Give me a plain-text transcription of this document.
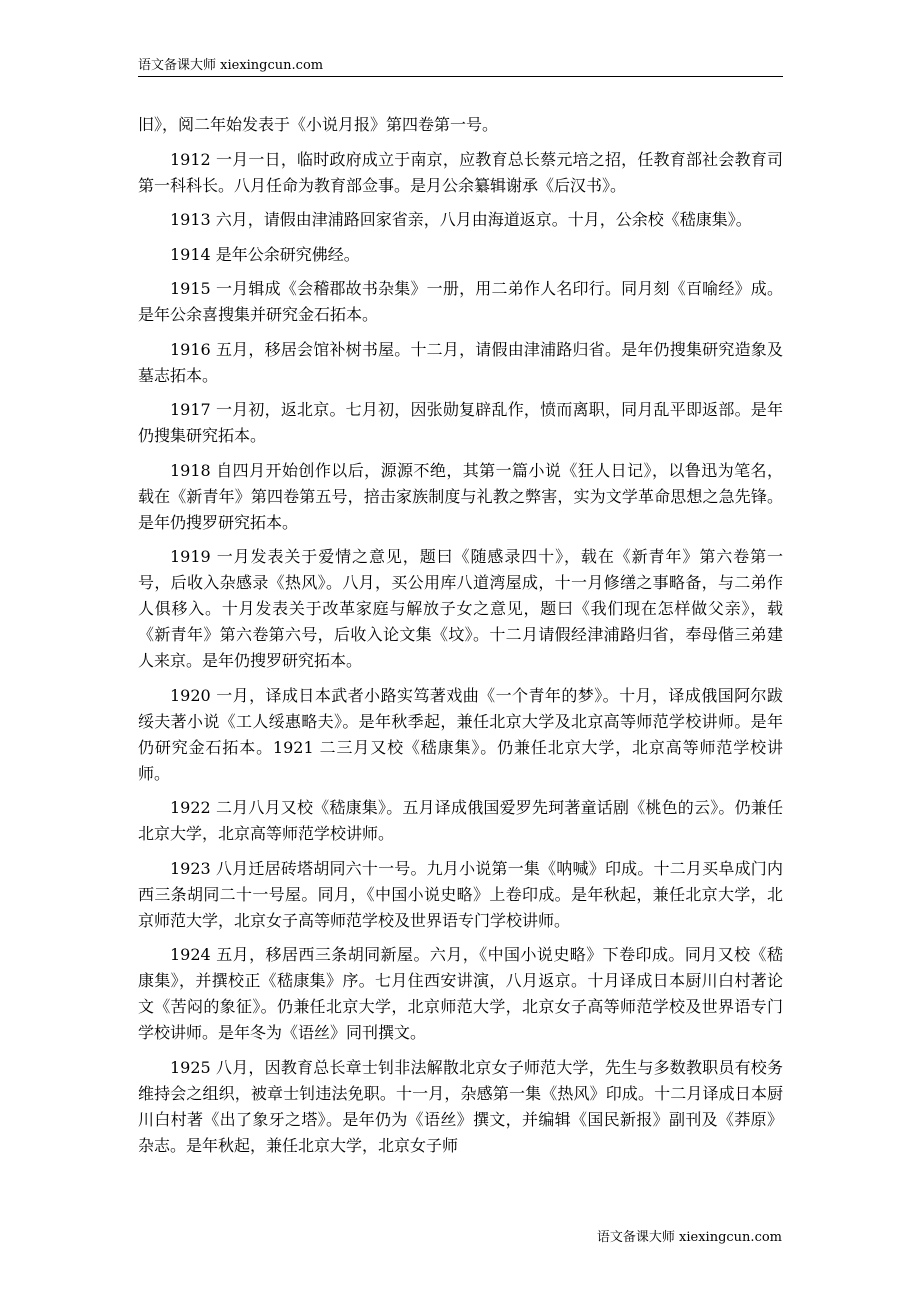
语文备课大师 xiexingcun.com

旧》，阅二年始发表于《小说月报》第四卷第一号。

1912 一月一日，临时政府成立于南京，应教育总长蔡元培之招，任教育部社会教育司第一科科长。八月任命为教育部佥事。是月公余纂辑谢承《后汉书》。

1913 六月，请假由津浦路回家省亲，八月由海道返京。十月，公余校《嵇康集》。

1914 是年公余研究佛经。

1915 一月辑成《会稽郡故书杂集》一册，用二弟作人名印行。同月刻《百喻经》成。是年公余喜搜集并研究金石拓本。

1916 五月，移居会馆补树书屋。十二月，请假由津浦路归省。是年仍搜集研究造象及墓志拓本。

1917 一月初，返北京。七月初，因张勋复辟乱作，愤而离职，同月乱平即返部。是年仍搜集研究拓本。

1918 自四月开始创作以后，源源不绝，其第一篇小说《狂人日记》，以鲁迅为笔名，载在《新青年》第四卷第五号，掊击家族制度与礼教之弊害，实为文学革命思想之急先锋。是年仍搜罗研究拓本。

1919 一月发表关于爱情之意见，题曰《随感录四十》，载在《新青年》第六卷第一号，后收入杂感录《热风》。八月，买公用库八道湾屋成，十一月修缮之事略备，与二弟作人俱移入。十月发表关于改革家庭与解放子女之意见，题曰《我们现在怎样做父亲》，载《新青年》第六卷第六号，后收入论文集《坟》。十二月请假经津浦路归省，奉母偕三弟建人来京。是年仍搜罗研究拓本。

1920 一月，译成日本武者小路实笃著戏曲《一个青年的梦》。十月，译成俄国阿尔跋绥夫著小说《工人绥惠略夫》。是年秋季起，兼任北京大学及北京高等师范学校讲师。是年仍研究金石拓本。1921 二三月又校《嵇康集》。仍兼任北京大学，北京高等师范学校讲师。

1922 二月八月又校《嵇康集》。五月译成俄国爱罗先珂著童话剧《桃色的云》。仍兼任北京大学，北京高等师范学校讲师。

1923 八月迁居砖塔胡同六十一号。九月小说第一集《呐喊》印成。十二月买阜成门内西三条胡同二十一号屋。同月，《中国小说史略》上卷印成。是年秋起，兼任北京大学，北京师范大学，北京女子高等师范学校及世界语专门学校讲师。

1924 五月，移居西三条胡同新屋。六月，《中国小说史略》下卷印成。同月又校《嵇康集》，并撰校正《嵇康集》序。七月住西安讲演，八月返京。十月译成日本厨川白村著论文《苦闷的象征》。仍兼任北京大学，北京师范大学，北京女子高等师范学校及世界语专门学校讲师。是年冬为《语丝》同刊撰文。

1925 八月，因教育总长章士钊非法解散北京女子师范大学，先生与多数教职员有校务维持会之组织，被章士钊违法免职。十一月，杂感第一集《热风》印成。十二月译成日本厨川白村著《出了象牙之塔》。是年仍为《语丝》撰文，并编辑《国民新报》副刊及《莽原》杂志。是年秋起，兼任北京大学，北京女子师

语文备课大师 xiexingcun.com
